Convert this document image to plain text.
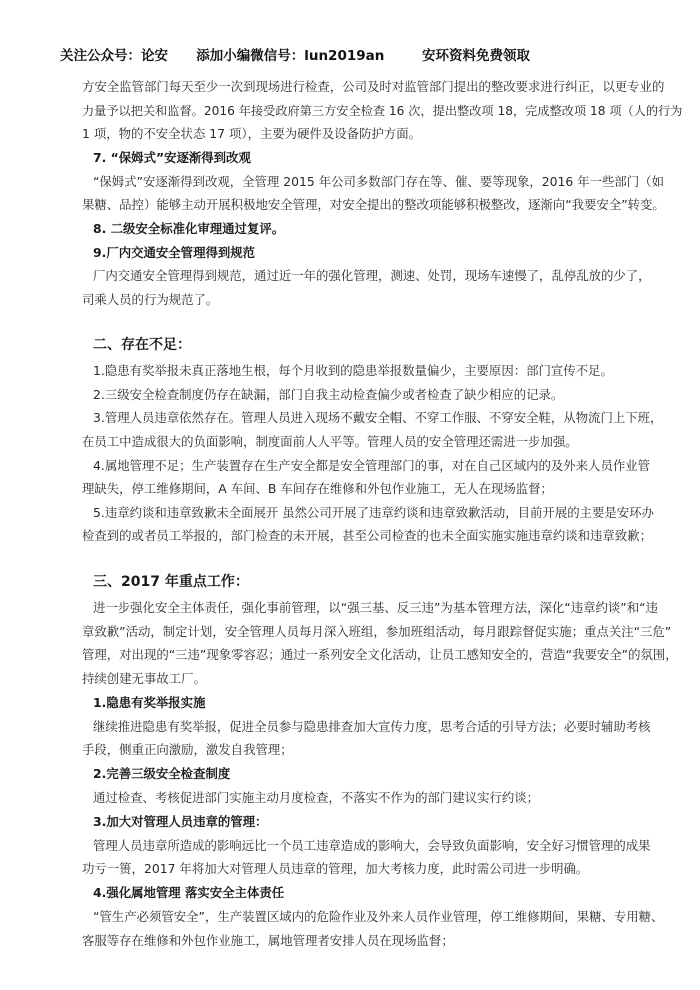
关注公众号：论安      添加小编微信号：lun2019an        安环资料免费领取
方安全监管部门每天至少一次到现场进行检查，公司及时对监管部门提出的整改要求进行纠正，以更专业的
力量予以把关和监督。2016 年接受政府第三方安全检查 16 次，提出整改项 18，完成整改项 18 项（人的行为
1 项，物的不安全状态 17 项），主要为硬件及设备防护方面。
7. “保姆式”安逐渐得到改观
“保姆式”安逐渐得到改观，全管理 2015 年公司多数部门存在等、催、要等现象，2016 年一些部门（如
果糖、品控）能够主动开展积极地安全管理，对安全提出的整改项能够积极整改，逐渐向“我要安全”转变。
8. 二级安全标准化审理通过复评。
9.厂内交通安全管理得到规范
厂内交通安全管理得到规范，通过近一年的强化管理，测速、处罚，现场车速慢了，乱停乱放的少了，
司乘人员的行为规范了。
二、存在不足：
1.隐患有奖举报未真正落地生根，每个月收到的隐患举报数量偏少，主要原因：部门宣传不足。
2.三级安全检查制度仍存在缺漏，部门自我主动检查偏少或者检查了缺少相应的记录。
3.管理人员违章依然存在。管理人员进入现场不戴安全帽、不穿工作服、不穿安全鞋，从物流门上下班，
在员工中造成很大的负面影响，制度面前人人平等。管理人员的安全管理还需进一步加强。
4.属地管理不足；生产装置存在生产安全都是安全管理部门的事，对在自己区域内的及外来人员作业管
理缺失，停工维修期间，A 车间、B 车间存在维修和外包作业施工，无人在现场监督；
5.违章约谈和违章致歉未全面展开 虽然公司开展了违章约谈和违章致歉活动，目前开展的主要是安环办
检查到的或者员工举报的，部门检查的未开展，甚至公司检查的也未全面实施实施违章约谈和违章致歉；
三、2017 年重点工作：
进一步强化安全主体责任，强化事前管理，以“强三基、反三违”为基本管理方法，深化“违章约谈”和“违
章致歉”活动，制定计划，安全管理人员每月深入班组，参加班组活动，每月跟踪督促实施；重点关注“三危”
管理，对出现的“三违”现象零容忍；通过一系列安全文化活动，让员工感知安全的，营造“我要安全”的氛围，
持续创建无事故工厂。
1.隐患有奖举报实施
继续推进隐患有奖举报，促进全员参与隐患排查加大宣传力度，思考合适的引导方法；必要时辅助考核
手段，侧重正向激励，激发自我管理；
2.完善三级安全检查制度
通过检查、考核促进部门实施主动月度检查，不落实不作为的部门建议实行约谈；
3.加大对管理人员违章的管理：
管理人员违章所造成的影响远比一个员工违章造成的影响大，会导致负面影响，安全好习惯管理的成果
功亏一篑，2017 年将加大对管理人员违章的管理，加大考核力度，此时需公司进一步明确。
4.强化属地管理 落实安全主体责任
“管生产必须管安全”，生产装置区域内的危险作业及外来人员作业管理，停工维修期间，果糖、专用糖、
客服等存在维修和外包作业施工，属地管理者安排人员在现场监督；
